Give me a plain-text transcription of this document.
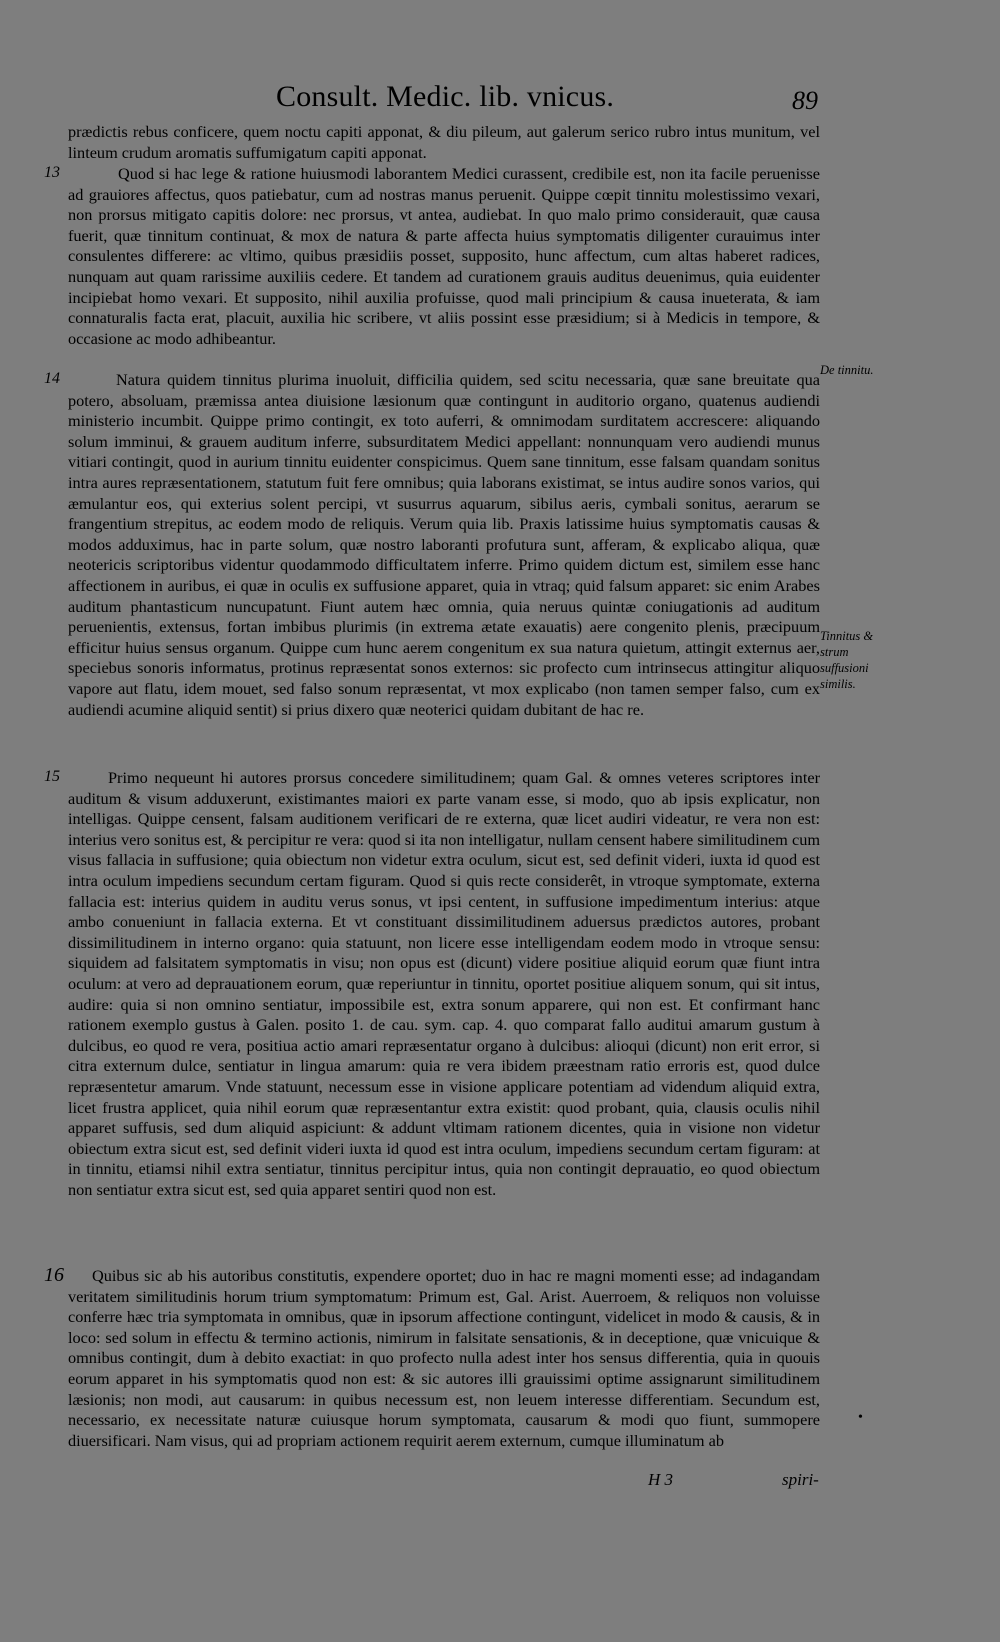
Consult. Medic. lib. vnicus.	89
prædictis rebus conficere, quem noctu capiti apponat, & diu pileum, aut galerum serico rubro intus munitum, vel linteum crudum aromatis suffumigatum capiti apponat.
13	Quod si hac lege & ratione huiusmodi laborantem Medici curassent, credibile est, non ita facile peruenisse ad grauiores affectus, quos patiebatur, cum ad nostras manus peruenit. Quippe cœpit tinnitu molestissimo vexari, non prorsus mitigato capitis dolore: nec prorsus, vt antea, audiebat. In quo malo primo considerauit, quæ causa fuerit, quæ tinnitum continuat, & mox de natura & parte affecta huius symptomatis diligenter curauimus inter consulentes differere: ac vltimo, quibus præsidiis posset, supposito, hunc affectum, cum altas haberet radices, nunquam aut quam rarissime auxiliis cedere. Et tandem ad curationem grauis auditus deuenimus, quia euidenter incipiebat homo vexari. Et supposito, nihil auxilia profuisse, quod mali principium & causa inueterata, & iam connaturalis facta erat, placuit, auxilia hic scribere, vt aliis possint esse præsidium; si à Medicis in tempore, & occasione ac modo adhibeantur.
14	De tinnitu.
Natura quidem tinnitus plurima inuoluit, difficilia quidem, sed scitu necessaria, quæ sane breuitate qua potero, absoluam, præmissa antea diuisione læsionum quæ contingunt in auditorio organo, quatenus audiendi ministerio incumbit. Quippe primo contingit, ex toto auferri, & omnimodam surditatem accrescere: aliquando solum imminui, & grauem auditum inferre, subsurditatem Medici appellant: nonnunquam vero audiendi munus vitiari contingit, quod in aurium tinnitu euidenter conspicimus. Quem sane tinnitum, esse falsam quandam sonitus intra aures repræsentationem, statutum fuit fere omnibus; quia laborans existimat, se intus audire sonos varios, qui æmulantur eos, qui exterius solent percipi, vt susurrus aquarum, sibilus aeris, cymbali sonitus, aerarum se frangentium strepitus, ac eodem modo de reliquis. Verum quia lib. Praxis latissime huius symptomatis causas & modos adduximus, hac in parte solum, quæ nostro laboranti profutura sunt, afferam, & explicabo aliqua, quæ neotericis scriptoribus videntur quodammodo difficultatem inferre. Primo quidem dictum est, similem esse hanc affectionem in auribus, ei quæ in oculis ex suffusione apparet, quia in vtraq; quid falsum apparet: sic enim Arabes auditum phantasticum nuncupatunt. Fiunt autem hæc omnia, quia neruus quintæ coniugationis ad auditum peruenientis, extensus, fortan imbibus plurimis (in extrema ætate exauatis) aere congenito plenis, præcipuum efficitur huius sensus organum. Quippe cum hunc aerem congenitum ex sua natura quietum, attingit externus aer, speciebus sonoris informatus, protinus repræsentat sonos externos: sic profecto cum intrinsecus attingitur aliquo vapore aut flatu, idem mouet, sed falso sonum repræsentat, vt mox explicabo (non tamen semper falso, cum ex audiendi acumine aliquid sentit) si prius dixero quæ neoterici quidam dubitant de hac re.
Tinnitus & strum suffusioni similis.
15	Primo nequeunt hi autores prorsus concedere similitudinem; quam Gal. & omnes veteres scriptores inter auditum & visum adduxerunt, existimantes maiori ex parte vanam esse, si modo, quo ab ipsis explicatur, non intelligas. Quippe censent, falsam auditionem verificari de re externa, quæ licet audiri videatur, re vera non est: interius vero sonitus est, & percipitur re vera: quod si ita non intelligatur, nullam censent habere similitudinem cum visus fallacia in suffusione; quia obiectum non videtur extra oculum, sicut est, sed definit videri, iuxta id quod est intra oculum impediens secundum certam figuram. Quod si quis recte considerêt, in vtroque symptomate, externa fallacia est: interius quidem in auditu verus sonus, vt ipsi centent, in suffusione impedimentum interius: atque ambo conueniunt in fallacia externa. Et vt constituant dissimilitudinem aduersus prædictos autores, probant dissimilitudinem in interno organo: quia statuunt, non licere esse intelligendam eodem modo in vtroque sensu: siquidem ad falsitatem symptomatis in visu; non opus est (dicunt) videre positiue aliquid eorum quæ fiunt intra oculum: at vero ad deprauationem eorum, quæ reperiuntur in tinnitu, oportet positiue aliquem sonum, qui sit intus, audire: quia si non omnino sentiatur, impossibile est, extra sonum apparere, qui non est. Et confirmant hanc rationem exemplo gustus à Galen. posito 1. de cau. sym. cap. 4. quo comparat fallo auditui amarum gustum à dulcibus, eo quod re vera, positiua actio amari repræsentatur organo à dulcibus: alioqui (dicunt) non erit error, si citra externum dulce, sentiatur in lingua amarum: quia re vera ibidem præestnam ratio erroris est, quod dulce repræsentetur amarum. Vnde statuunt, necessum esse in visione applicare potentiam ad videndum aliquid extra, licet frustra applicet, quia nihil eorum quæ repræsentantur extra existit: quod probant, quia, clausis oculis nihil apparet suffusis, sed dum aliquid aspiciunt: & addunt vltimam rationem dicentes, quia in visione non videtur obiectum extra sicut est, sed definit videri iuxta id quod est intra oculum, impediens secundum certam figuram: at in tinnitu, etiamsi nihil extra sentiatur, tinnitus percipitur intus, quia non contingit deprauatio, eo quod obiectum non sentiatur extra sicut est, sed quia apparet sentiri quod non est.
16	Quibus sic ab his autoribus constitutis, expendere oportet; duo in hac re magni momenti esse; ad indagandam veritatem similitudinis horum trium symptomatum: Primum est, Gal. Arist. Auerroem, & reliquos non voluisse conferre hæc tria symptomata in omnibus, quæ in ipsorum affectione contingunt, videlicet in modo & causis, & in loco: sed solum in effectu & termino actionis, nimirum in falsitate sensationis, & in deceptione, quæ vnicuique & omnibus contingit, dum à debito exactiat: in quo profecto nulla adest inter hos sensus differentia, quia in quouis eorum apparet in his symptomatis quod non est: & sic autores illi grauissimi optime assignarunt similitudinem læsionis; non modi, aut causarum: in quibus necessum est, non leuem interesse differentiam. Secundum est, necessario, ex necessitate naturæ cuiusque horum symptomata, causarum & modi quo fiunt, summopere diuersificari. Nam visus, qui ad propriam actionem requirit aerem externum, cumque illuminatum ab
•
H 3	spiri-
